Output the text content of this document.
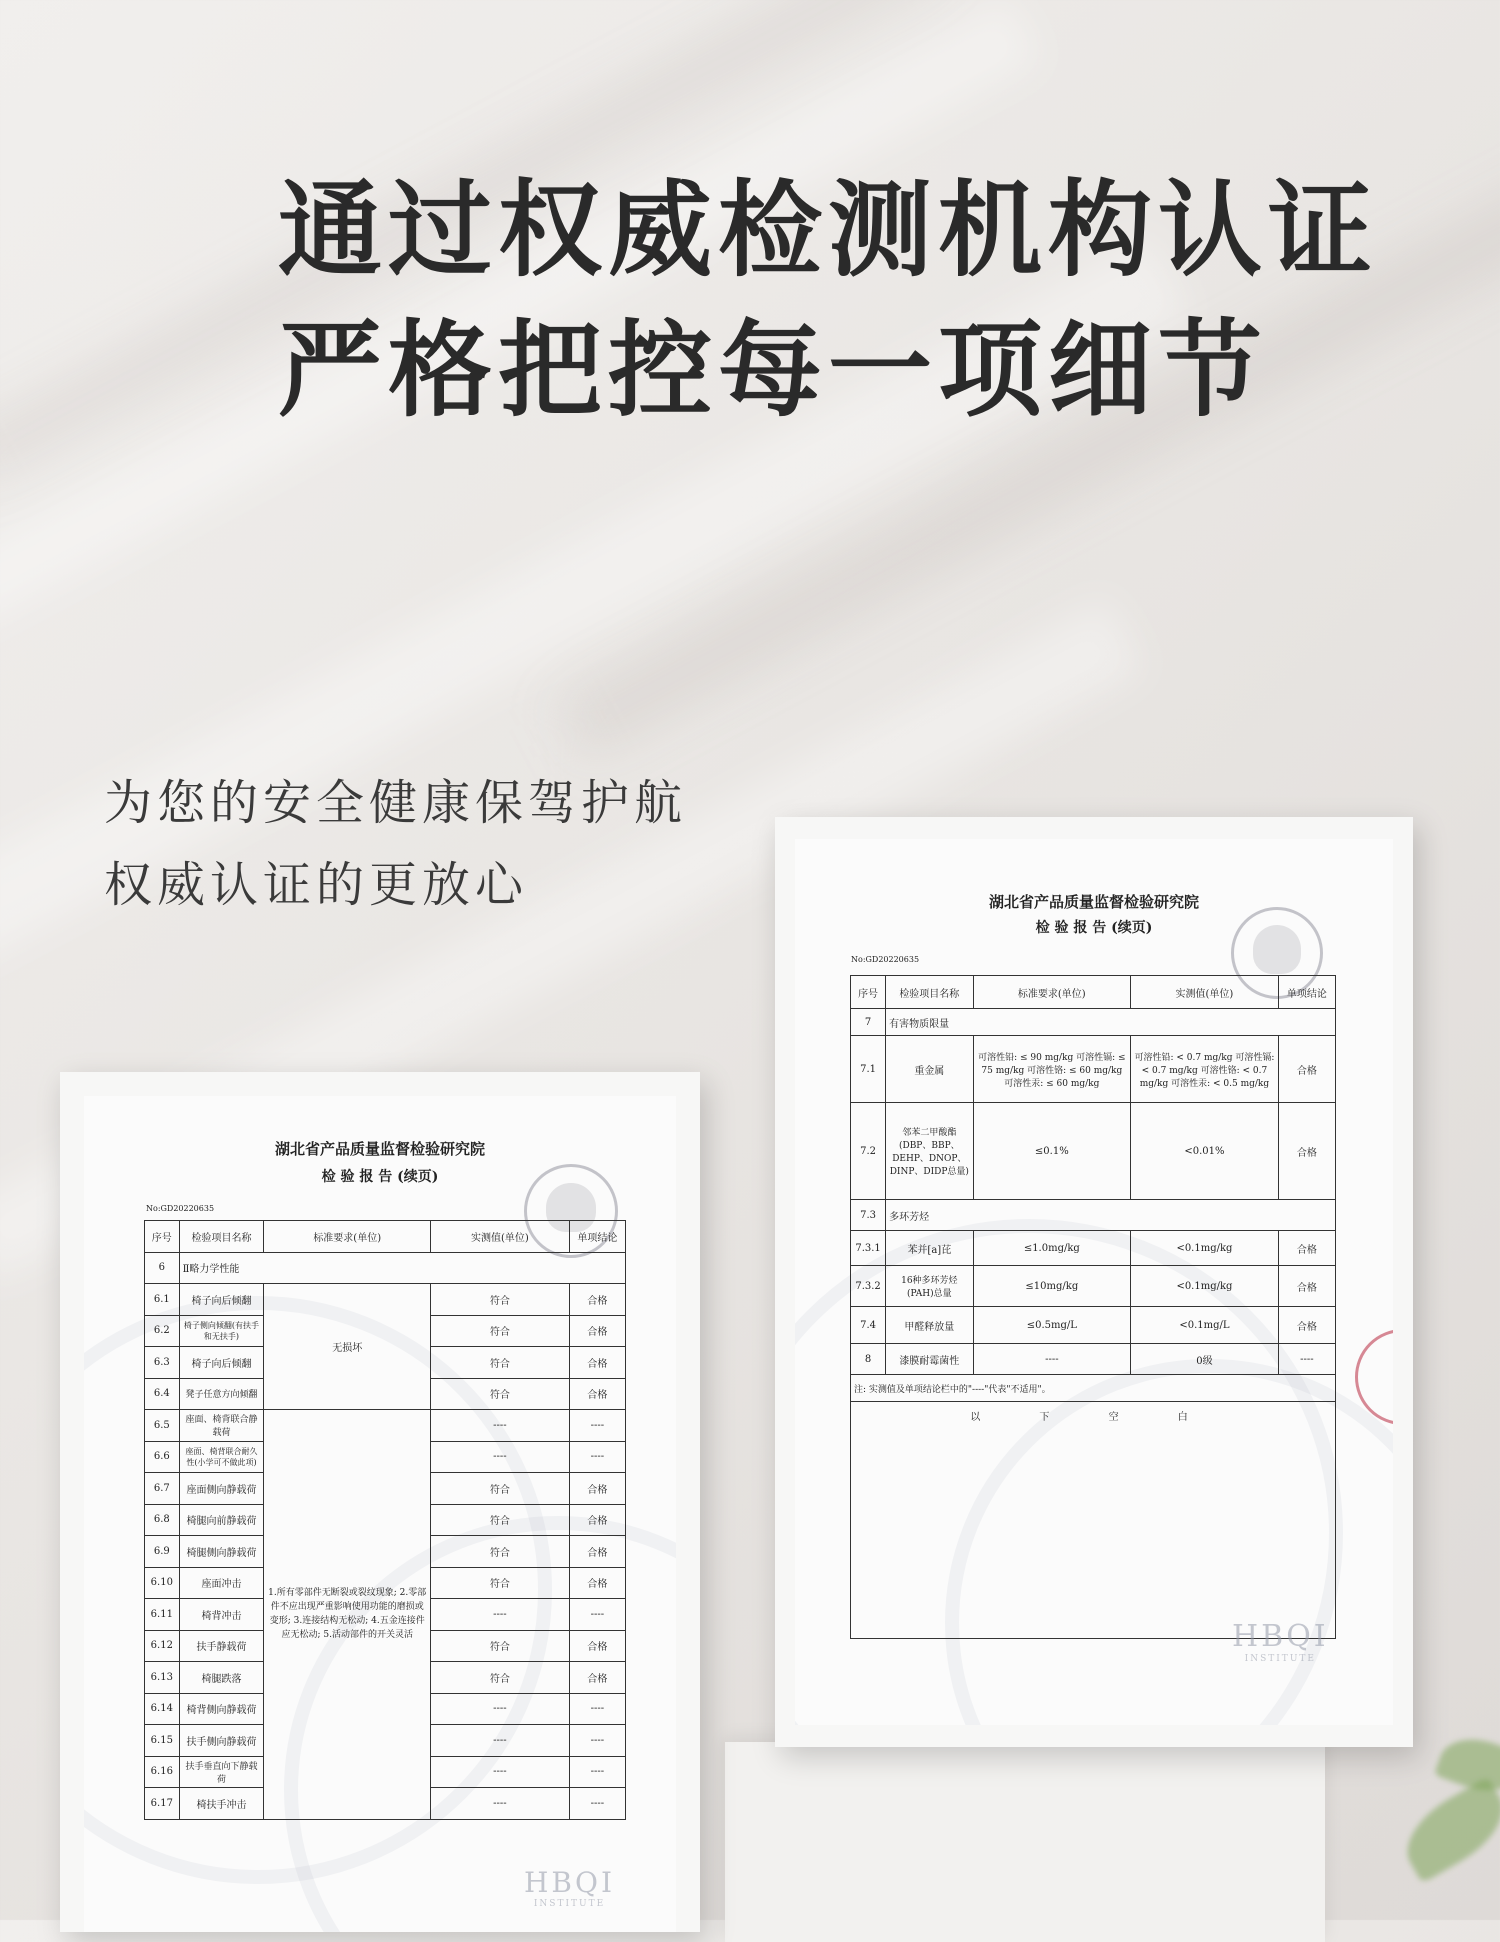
通过权威检测机构认证
严格把控每一项细节
为您的安全健康保驾护航
权威认证的更放心	湖北省产品质量监督检验研究院
检 验 报 告 (续页)
No:GD20220635
序号	检验项目名称	标准要求(单位)	实测值(单位)	单项结论
7	有害物质限量			
7.1	重金属	可溶性铅: ≤ 90 mg/kg 可溶性镉: ≤ 75 mg/kg 可溶性铬: ≤ 60 mg/kg 可溶性汞: ≤ 60 mg/kg	可溶性铅: < 0.7 mg/kg 可溶性镉: < 0.7 mg/kg 可溶性铬: < 0.7 mg/kg 可溶性汞: < 0.5 mg/kg	合格
7.2	邻苯二甲酸酯(DBP、BBP、DEHP、DNOP、DINP、DIDP总量)	≤0.1%	<0.01%	合格
7.3	多环芳烃			
7.3.1	苯并[a]芘	≤1.0mg/kg	<0.1mg/kg	合格
7.3.2	16种多环芳烃(PAH)总量	≤10mg/kg	<0.1mg/kg	合格
7.4	甲醛释放量	≤0.5mg/L	<0.1mg/L	合格
8	漆膜耐霉菌性	----	0级	----
注: 实测值及单项结论栏中的"----"代表"不适用"。				
以 下 空 白				
HBQI
INSTITUTE
湖北省产品质量监督检验研究院
检 验 报 告 (续页)
No:GD20220635
序号	检验项目名称	标准要求(单位)	实测值(单位)	单项结论
6	Ⅱ略力学性能			
6.1	椅子向后倾翻	无损坏	符合	合格
6.2	椅子侧向倾翻(有扶手和无扶手)		符合	合格
6.3	椅子向后倾翻		符合	合格
6.4	凳子任意方向倾翻		符合	合格
6.5	座面、椅背联合静载荷	1.所有零部件无断裂或裂纹现象; 2.零部件不应出现严重影响使用功能的磨损或变形; 3.连接结构无松动; 4.五金连接件应无松动; 5.活动部件的开关灵活	----	----
6.6	座面、椅背联合耐久性(小学可不做此项)		----	----
6.7	座面侧向静载荷		符合	合格
6.8	椅腿向前静载荷		符合	合格
6.9	椅腿侧向静载荷		符合	合格
6.10	座面冲击		符合	合格
6.11	椅背冲击		----	----
6.12	扶手静载荷		符合	合格
6.13	椅腿跌落		符合	合格
6.14	椅背侧向静载荷		----	----
6.15	扶手侧向静载荷		----	----
6.16	扶手垂直向下静载荷		----	----
6.17	椅扶手冲击		----	----
HBQI
INSTITUTE
